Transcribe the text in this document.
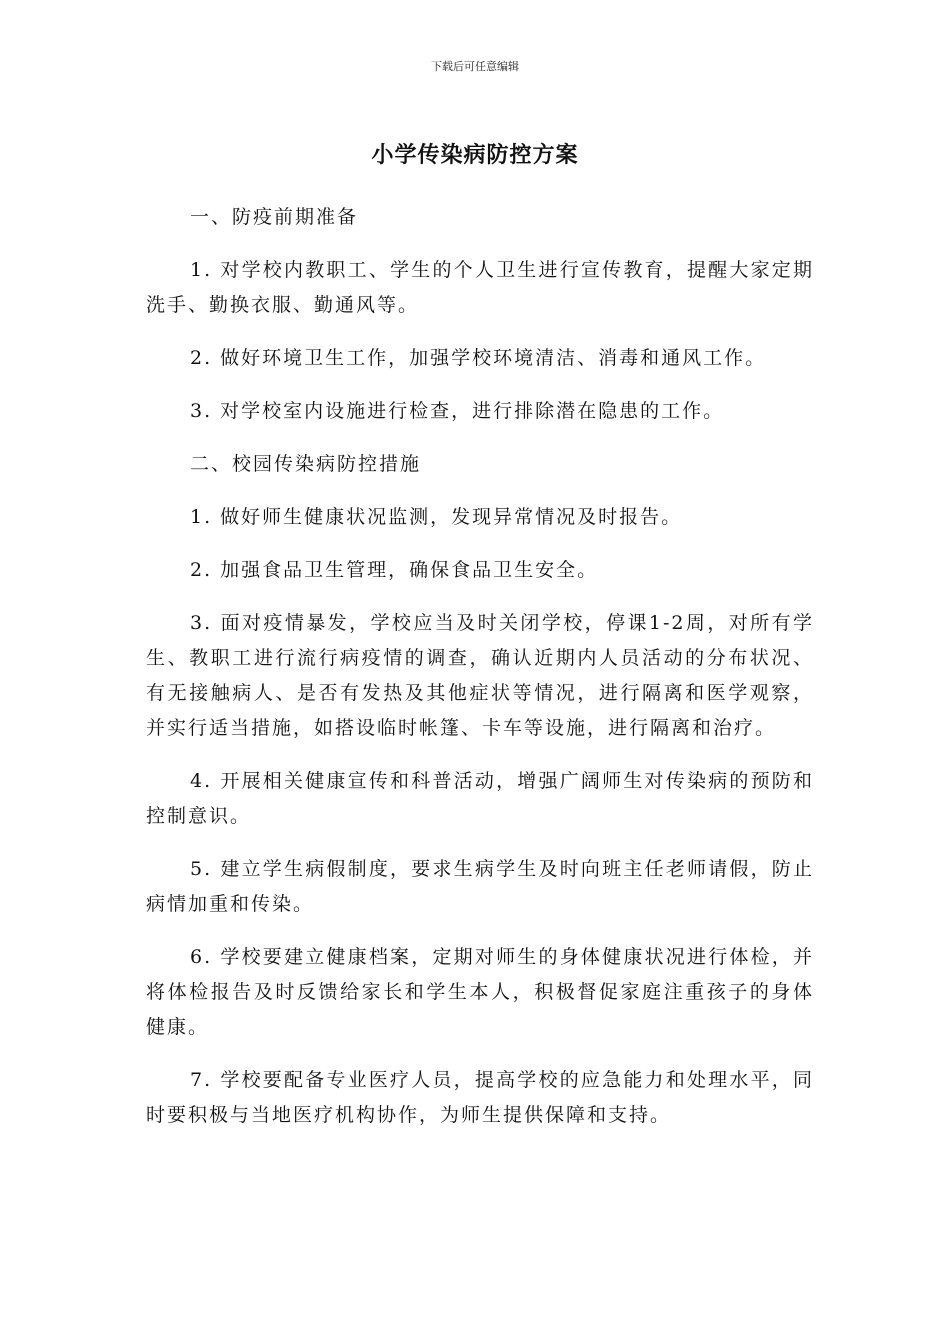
下载后可任意编辑
小学传染病防控方案
一、防疫前期准备

1. 对学校内教职工、学生的个人卫生进行宣传教育，提醒大家定期洗手、勤换衣服、勤通风等。

2. 做好环境卫生工作，加强学校环境清洁、消毒和通风工作。

3. 对学校室内设施进行检查，进行排除潜在隐患的工作。

二、校园传染病防控措施

1. 做好师生健康状况监测，发现异常情况及时报告。

2. 加强食品卫生管理，确保食品卫生安全。

3. 面对疫情暴发，学校应当及时关闭学校，停课1-2周，对所有学生、教职工进行流行病疫情的调查，确认近期内人员活动的分布状况、有无接触病人、是否有发热及其他症状等情况，进行隔离和医学观察，并实行适当措施，如搭设临时帐篷、卡车等设施，进行隔离和治疗。

4. 开展相关健康宣传和科普活动，增强广阔师生对传染病的预防和控制意识。

5. 建立学生病假制度，要求生病学生及时向班主任老师请假，防止病情加重和传染。

6. 学校要建立健康档案，定期对师生的身体健康状况进行体检，并将体检报告及时反馈给家长和学生本人，积极督促家庭注重孩子的身体健康。

7. 学校要配备专业医疗人员，提高学校的应急能力和处理水平，同时要积极与当地医疗机构协作，为师生提供保障和支持。
